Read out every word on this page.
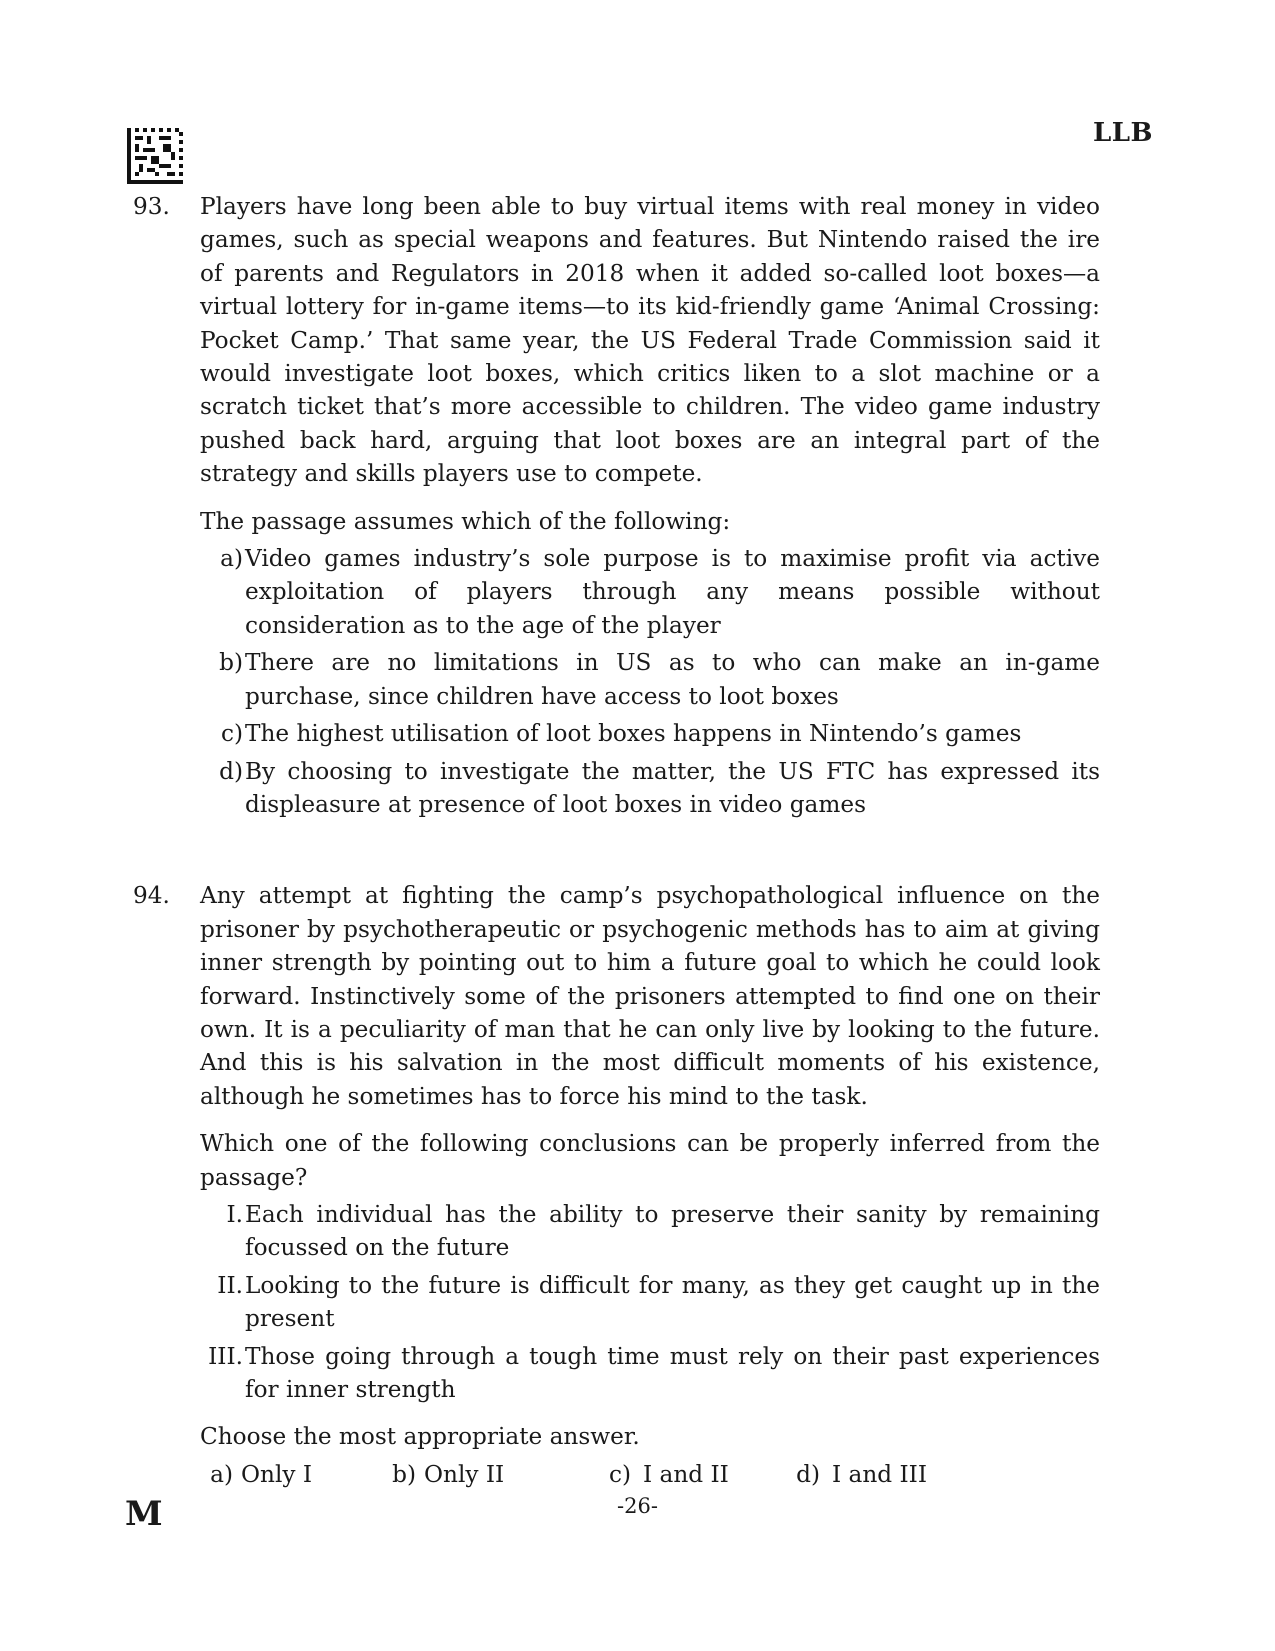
LLB
93.	Players have long been able to buy virtual items with real money in video games, such as special weapons and features. But Nintendo raised the ire of parents and Regulators in 2018 when it added so-called loot boxes—a virtual lottery for in-game items—to its kid-friendly game ‘Animal Crossing: Pocket Camp.’ That same year, the US Federal Trade Commission said it would investigate loot boxes, which critics liken to a slot machine or a scratch ticket that’s more accessible to children. The video game industry pushed back hard, arguing that loot boxes are an integral part of the strategy and skills players use to compete.

The passage assumes which of the following:
a) Video games industry’s sole purpose is to maximise profit via active exploitation of players through any means possible without consideration as to the age of the player
b) There are no limitations in US as to who can make an in-game purchase, since children have access to loot boxes
c) The highest utilisation of loot boxes happens in Nintendo’s games
d) By choosing to investigate the matter, the US FTC has expressed its displeasure at presence of loot boxes in video games
94.	Any attempt at fighting the camp’s psychopathological influence on the prisoner by psychotherapeutic or psychogenic methods has to aim at giving inner strength by pointing out to him a future goal to which he could look forward. Instinctively some of the prisoners attempted to find one on their own. It is a peculiarity of man that he can only live by looking to the future. And this is his salvation in the most difficult moments of his existence, although he sometimes has to force his mind to the task.

Which one of the following conclusions can be properly inferred from the passage?
I. Each individual has the ability to preserve their sanity by remaining focussed on the future
II. Looking to the future is difficult for many, as they get caught up in the present
III. Those going through a tough time must rely on their past experiences for inner strength
Choose the most appropriate answer.
a) Only I	b) Only II	c) I and II	d) I and III
M	-26-
